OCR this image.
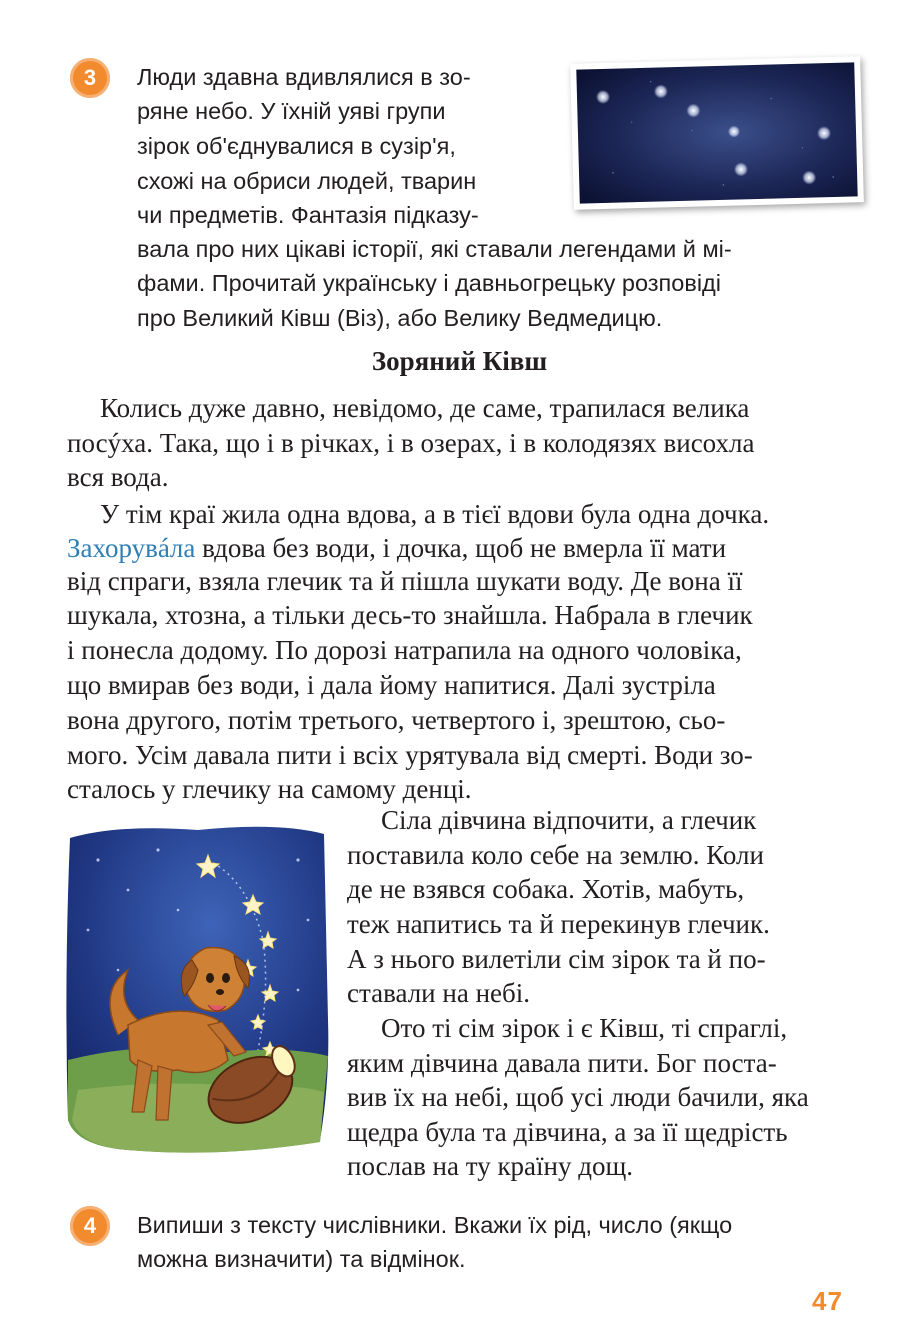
3	Люди здавна вдивлялися в зо-

ряне небо. У їхній уяві групи

зірок об'єднувалися в сузір'я,

схожі на обриси людей, тварин

чи предметів. Фантазія підказу-

вала про них цікаві історії, які ставали легендами й мі-

фами. Прочитай українську і давньогрецьку розповіді

про Великий Ківш (Віз), або Велику Ведмедицю.

Зоряний Ківш
Колись дуже давно, невідомо, де саме, трапилася велика

посýха. Така, що і в річках, і в озерах, і в колодязях висохла

вся вода.

У тім краї жила одна вдова, а в тієї вдови була одна дочка.

Захорувáла вдова без води, і дочка, щоб не вмерла її мати

від спраги, взяла глечик та й пішла шукати воду. Де вона її

шукала, хтозна, а тільки десь-то знайшла. Набрала в глечик

і понесла додому. По дорозі натрапила на одного чоловіка,

що вмирав без води, і дала йому напитися. Далі зустріла

вона другого, потім третього, четвертого і, зрештою, сьо-

мого. Усім давала пити і всіх урятувала від смерті. Води зо-

сталось у глечику на самому денці.

Сіла дівчина відпочити, а глечик

поставила коло себе на землю. Коли

де не взявся собака. Хотів, мабуть,

теж напитись та й перекинув глечик.

А з нього вилетіли сім зірок та й по-

ставали на небі.

Ото ті сім зірок і є Ківш, ті спраглі,

яким дівчина давала пити. Бог поста-

вив їх на небі, щоб усі люди бачили, яка

щедра була та дівчина, а за її щедрість

послав на ту країну дощ.

4	Випиши з тексту числівники. Вкажи їх рід, число (якщо

можна визначити) та відмінок.

47
